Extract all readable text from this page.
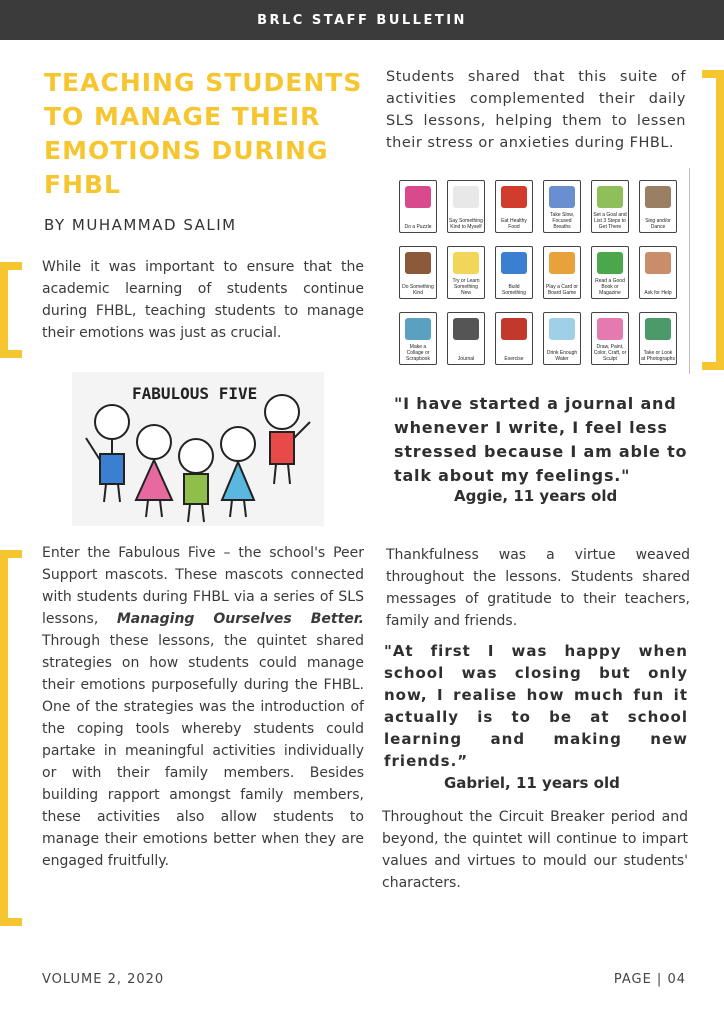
BRLC STAFF BULLETIN
TEACHING STUDENTS TO MANAGE THEIR EMOTIONS DURING FHBL
BY MUHAMMAD SALIM

While it was important to ensure that the academic learning of students continue during FHBL, teaching students to manage their emotions was just as crucial.

FABULOUS FIVE

Enter the Fabulous Five – the school's Peer Support mascots. These mascots connected with students during FHBL via a series of SLS lessons, Managing Ourselves Better. Through these lessons, the quintet shared strategies on how students could manage their emotions purposefully during the FHBL. One of the strategies was the introduction of the coping tools whereby students could partake in meaningful activities individually or with their family members. Besides building rapport amongst family members, these activities also allow students to manage their emotions better when they are engaged fruitfully.

Students shared that this suite of activities complemented their daily SLS lessons, helping them to lessen their stress or anxieties during FHBL.

Do a Puzzle
Say Something Kind to Myself
Eat Healthy Food
Take Slow, Focused Breaths
Set a Goal and List 3 Steps to Get There
Sing and/or Dance
Do Something Kind
Try or Learn Something New
Build Something
Play a Card or Board Game
Read a Good Book or Magazine	Ask for Help
Make a Collage or Scrapbook	Journal	Exercise
Drink Enough Water
Draw, Paint, Color, Craft, or Sculpt
Take or Look at Photographs

"I have started a journal and whenever I write, I feel less stressed because I am able to talk about my feelings."

Aggie, 11 years old

Thankfulness was a virtue weaved throughout the lessons. Students shared messages of gratitude to their teachers, family and friends.

"At first I was happy when school was closing but only now, I realise how much fun it actually is to be at school learning and making new friends.”

Gabriel, 11 years old

Throughout the Circuit Breaker period and beyond, the quintet will continue to impart values and virtues to mould our students' characters.

VOLUME 2, 2020	PAGE | 04
